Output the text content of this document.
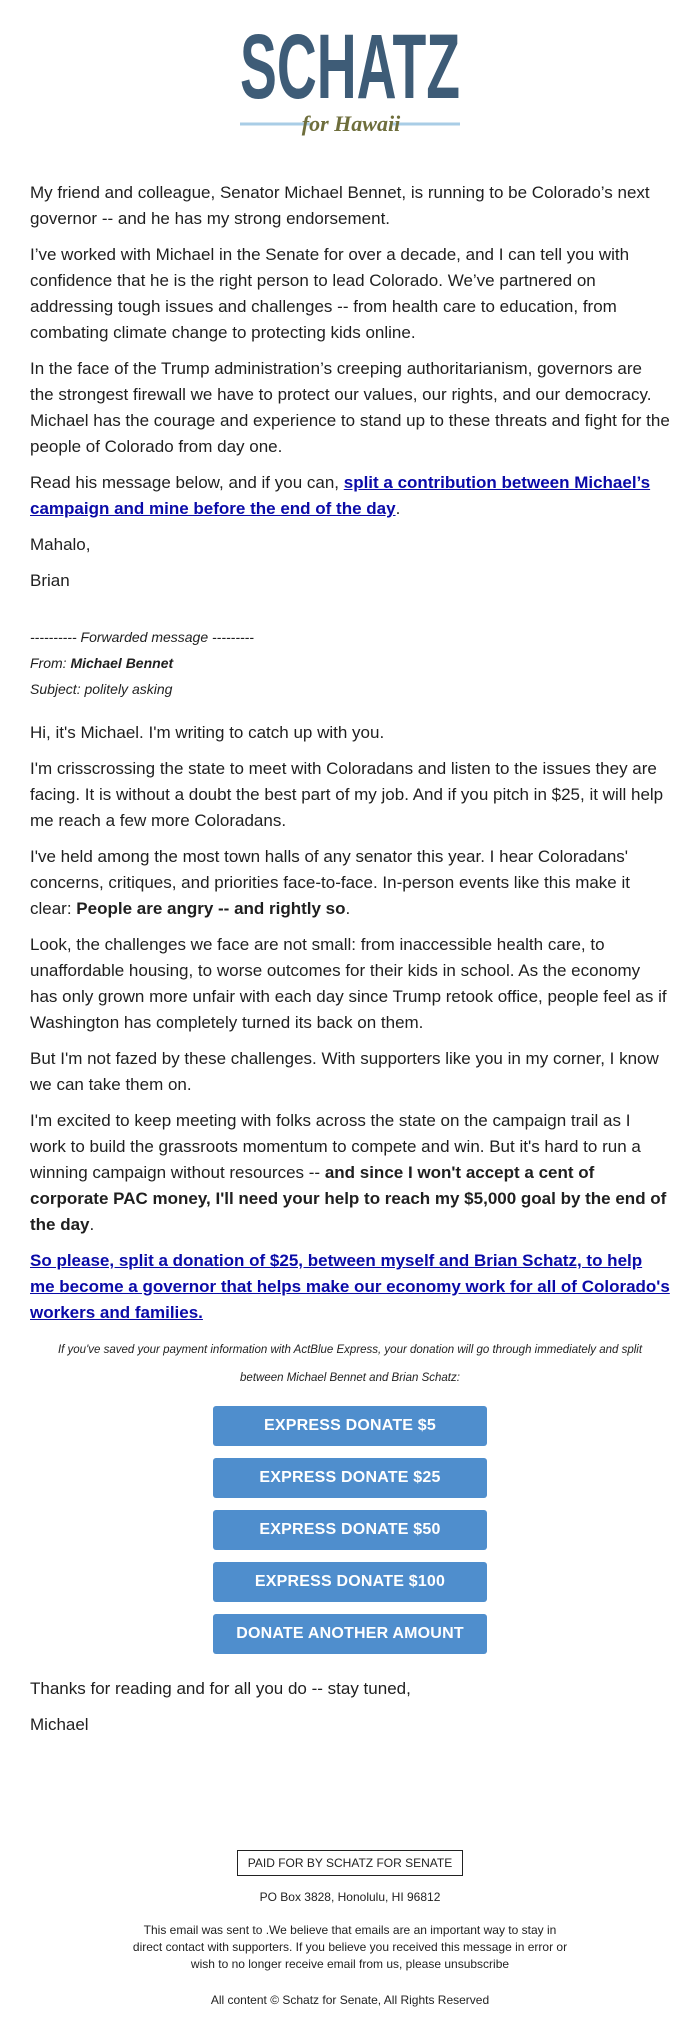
SCHATZ
for Hawaii

My friend and colleague, Senator Michael Bennet, is running to be Colorado’s next governor -- and he has my strong endorsement.

I’ve worked with Michael in the Senate for over a decade, and I can tell you with confidence that he is the right person to lead Colorado. We’ve partnered on addressing tough issues and challenges -- from health care to education, from combating climate change to protecting kids online.

In the face of the Trump administration’s creeping authoritarianism, governors are the strongest firewall we have to protect our values, our rights, and our democracy. Michael has the courage and experience to stand up to these threats and fight for the people of Colorado from day one.

Read his message below, and if you can, split a contribution between Michael’s campaign and mine before the end of the day.

Mahalo,

Brian

---------- Forwarded message ---------
From: Michael Bennet
Subject: politely asking

Hi, it's Michael. I'm writing to catch up with you.

I'm crisscrossing the state to meet with Coloradans and listen to the issues they are facing. It is without a doubt the best part of my job. And if you pitch in $25, it will help me reach a few more Coloradans.

I've held among the most town halls of any senator this year. I hear Coloradans' concerns, critiques, and priorities face-to-face. In-person events like this make it clear: People are angry -- and rightly so.

Look, the challenges we face are not small: from inaccessible health care, to unaffordable housing, to worse outcomes for their kids in school. As the economy has only grown more unfair with each day since Trump retook office, people feel as if Washington has completely turned its back on them.

But I'm not fazed by these challenges. With supporters like you in my corner, I know we can take them on.

I'm excited to keep meeting with folks across the state on the campaign trail as I work to build the grassroots momentum to compete and win. But it's hard to run a winning campaign without resources -- and since I won't accept a cent of corporate PAC money, I'll need your help to reach my $5,000 goal by the end of the day.

So please, split a donation of $25, between myself and Brian Schatz, to help me become a governor that helps make our economy work for all of Colorado's workers and families.

If you've saved your payment information with ActBlue Express, your donation will go through immediately and split between Michael Bennet and Brian Schatz:
EXPRESS DONATE $5
EXPRESS DONATE $25
EXPRESS DONATE $50
EXPRESS DONATE $100
DONATE ANOTHER AMOUNT

Thanks for reading and for all you do -- stay tuned,

Michael

PAID FOR BY SCHATZ FOR SENATE
PO Box 3828, Honolulu, HI 96812
This email was sent to .We believe that emails are an important way to stay in direct contact with supporters. If you believe you received this message in error or wish to no longer receive email from us, please unsubscribe
All content © Schatz for Senate, All Rights Reserved
